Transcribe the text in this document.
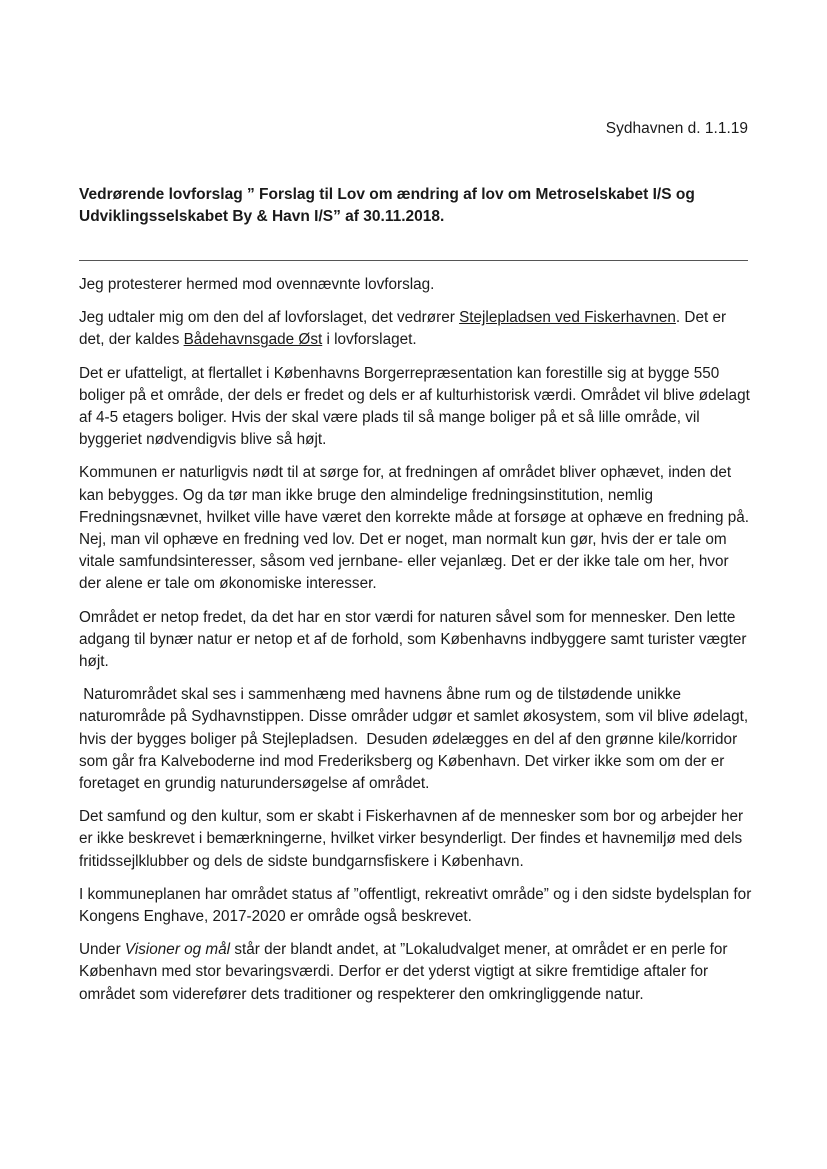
Sydhavnen d. 1.1.19
Vedrørende lovforslag ” Forslag til Lov om ændring af lov om Metroselskabet I/S og Udviklingsselskabet By & Havn I/S” af 30.11.2018.

Jeg protesterer hermed mod ovennævnte lovforslag.

Jeg udtaler mig om den del af lovforslaget, det vedrører Stejlepladsen ved Fiskerhavnen. Det er det, der kaldes Bådehavnsgade Øst i lovforslaget.

Det er ufatteligt, at flertallet i Københavns Borgerrepræsentation kan forestille sig at bygge 550 boliger på et område, der dels er fredet og dels er af kulturhistorisk værdi. Området vil blive ødelagt af 4-5 etagers boliger. Hvis der skal være plads til så mange boliger på et så lille område, vil byggeriet nødvendigvis blive så højt.

Kommunen er naturligvis nødt til at sørge for, at fredningen af området bliver ophævet, inden det kan bebygges. Og da tør man ikke bruge den almindelige fredningsinstitution, nemlig Fredningsnævnet, hvilket ville have været den korrekte måde at forsøge at ophæve en fredning på. Nej, man vil ophæve en fredning ved lov. Det er noget, man normalt kun gør, hvis der er tale om vitale samfundsinteresser, såsom ved jernbane- eller vejanlæg. Det er der ikke tale om her, hvor der alene er tale om økonomiske interesser.

Området er netop fredet, da det har en stor værdi for naturen såvel som for mennesker. Den lette adgang til bynær natur er netop et af de forhold, som Københavns indbyggere samt turister vægter højt.

Naturområdet skal ses i sammenhæng med havnens åbne rum og de tilstødende unikke naturområde på Sydhavnstippen. Disse områder udgør et samlet økosystem, som vil blive ødelagt, hvis der bygges boliger på Stejlepladsen.  Desuden ødelægges en del af den grønne kile/korridor som går fra Kalveboderne ind mod Frederiksberg og København. Det virker ikke som om der er foretaget en grundig naturundersøgelse af området.

Det samfund og den kultur, som er skabt i Fiskerhavnen af de mennesker som bor og arbejder her er ikke beskrevet i bemærkningerne, hvilket virker besynderligt. Der findes et havnemiljø med dels fritidssejlklubber og dels de sidste bundgarnsfiskere i København.

I kommuneplanen har området status af ”offentligt, rekreativt område” og i den sidste bydelsplan for Kongens Enghave, 2017-2020 er område også beskrevet.

Under Visioner og mål står der blandt andet, at ”Lokaludvalget mener, at området er en perle for København med stor bevaringsværdi. Derfor er det yderst vigtigt at sikre fremtidige aftaler for området som viderefører dets traditioner og respekterer den omkringliggende natur.
